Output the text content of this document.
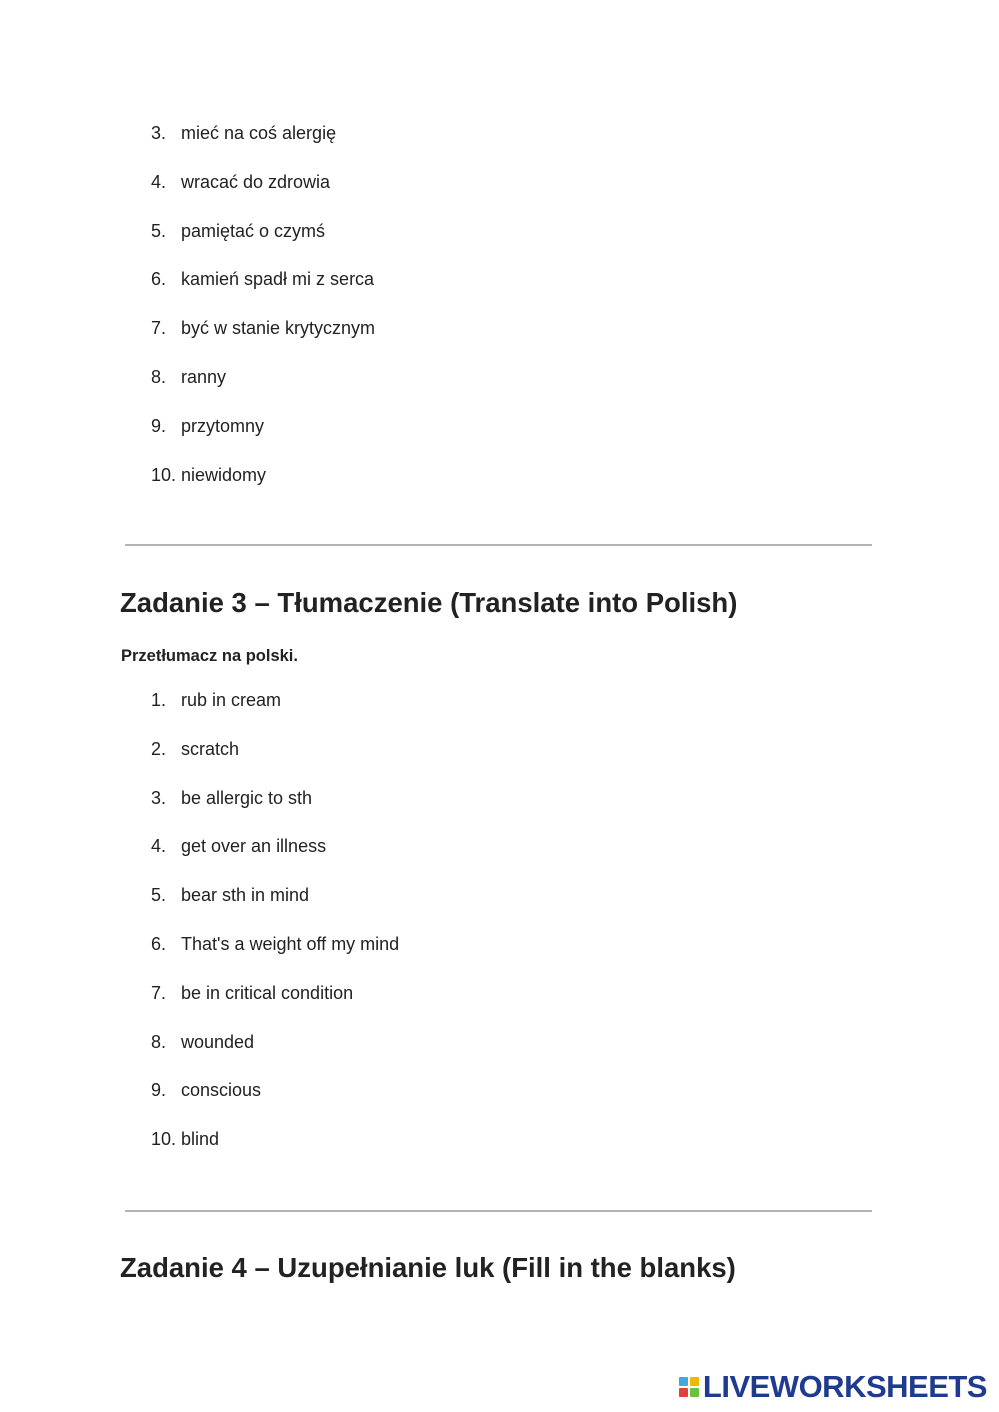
3. mieć na coś alergię
4. wracać do zdrowia
5. pamiętać o czymś
6. kamień spadł mi z serca
7. być w stanie krytycznym
8. ranny
9. przytomny
10. niewidomy
Zadanie 3 – Tłumaczenie (Translate into Polish)

Przetłumacz na polski.

1. rub in cream
2. scratch
3. be allergic to sth
4. get over an illness
5. bear sth in mind
6. That's a weight off my mind
7. be in critical condition
8. wounded
9. conscious
10. blind
Zadanie 4 – Uzupełnianie luk (Fill in the blanks)
LIVEWORKSHEETS
